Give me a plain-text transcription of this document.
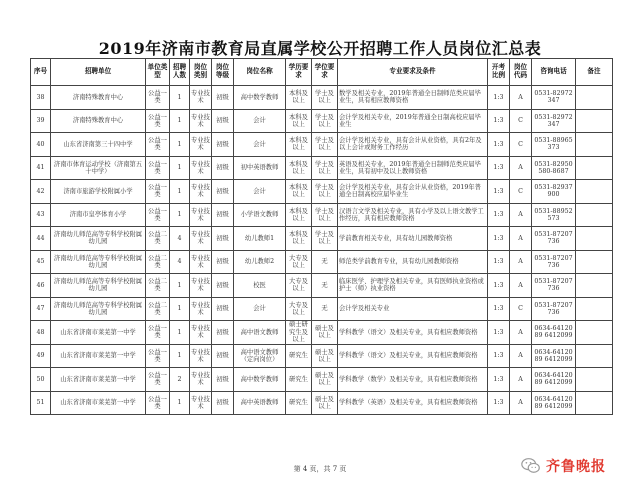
2019年济南市教育局直属学校公开招聘工作人员岗位汇总表
序号	招聘单位	单位类型	招聘人数	岗位类别	岗位等级	岗位名称	学历要求	学位要求	专业要求及条件	开考比例	岗位代码	咨询电话	备注
38	济南特殊教育中心	公益一类	1	专业技术	初级	高中数学教师	本科及以上	学士及以上	数学及相关专业，2019年普通全日制师范类应届毕业生，具有相应教师资格	1:3	A	0531-82972347	
39	济南特殊教育中心	公益一类	1	专业技术	初级	会计	本科及以上	学士及以上	会计学及相关专业，2019年普通全日制高校应届毕业生	1:3	C	0531-82972347	
40	山东省济南第三十四中学	公益一类	1	专业技术	初级	会计	本科及以上	学士及以上	会计学及相关专业，具有会计从业资格，具有2年及以上会计或财务工作经历	1:3	C	0531-88965373	
41	济南市体育运动学校（济南第五十中学）	公益一类	1	专业技术	初级	初中英语教师	本科及以上	学士及以上	英语及相关专业，2019年普通全日制师范类应届毕业生，具有初中及以上教师资格	1:3	A	0531-82950580-8687	
42	济南市旅游学校附属小学	公益一类	1	专业技术	初级	会计	本科及以上	学士及以上	会计学及相关专业，具有会计从业资格，2019年普通全日制高校应届毕业生	1:3	C	0531-82937900	
43	济南市皇亭体育小学	公益一类	1	专业技术	初级	小学语文教师	本科及以上	学士及以上	汉语言文学及相关专业，具有小学及以上语文教学工作经历，具有相应教师资格	1:3	A	0531-88952573	
44	济南幼儿师范高等专科学校附属幼儿园	公益二类	4	专业技术	初级	幼儿教师1	本科及以上	学士及以上	学前教育相关专业，具有幼儿园教师资格	1:3	A	0531-87207736	
45	济南幼儿师范高等专科学校附属幼儿园	公益二类	4	专业技术	初级	幼儿教师2	大专及以上	无	师范类学前教育专业，具有幼儿园教师资格	1:3	A	0531-87207736	
46	济南幼儿师范高等专科学校附属幼儿园	公益二类	1	专业技术	初级	校医	大专及以上	无	临床医学、护理学及相关专业，具有医师执业资格或护士（师）执业资格	1:3	A	0531-87207736	
47	济南幼儿师范高等专科学校附属幼儿园	公益二类	1	专业技术	初级	会计	大专及以上	无	会计学及相关专业	1:3	C	0531-87207736	
48	山东省济南市莱芜第一中学	公益一类	1	专业技术	初级	高中语文教师	硕士研究生及以上	硕士及以上	学科教学（语文）及相关专业，具有相应教师资格	1:3	A	0634-6412089 6412099	
49	山东省济南市莱芜第一中学	公益一类	1	专业技术	初级	高中语文教师（定向岗位）	研究生	硕士及以上	学科教学（语文）及相关专业，具有相应教师资格	1:3	A	0634-6412089 6412099	
50	山东省济南市莱芜第一中学	公益一类	2	专业技术	初级	高中数学教师	研究生	硕士及以上	学科教学（数学）及相关专业，具有相应教师资格	1:3	A	0634-6412089 6412099	
51	山东省济南市莱芜第一中学	公益一类	1	专业技术	初级	高中英语教师	研究生	硕士及以上	学科教学（英语）及相关专业，具有相应教师资格	1:3	A	0634-6412089 6412099	
第 4 页，共 7 页	齐鲁晚报
